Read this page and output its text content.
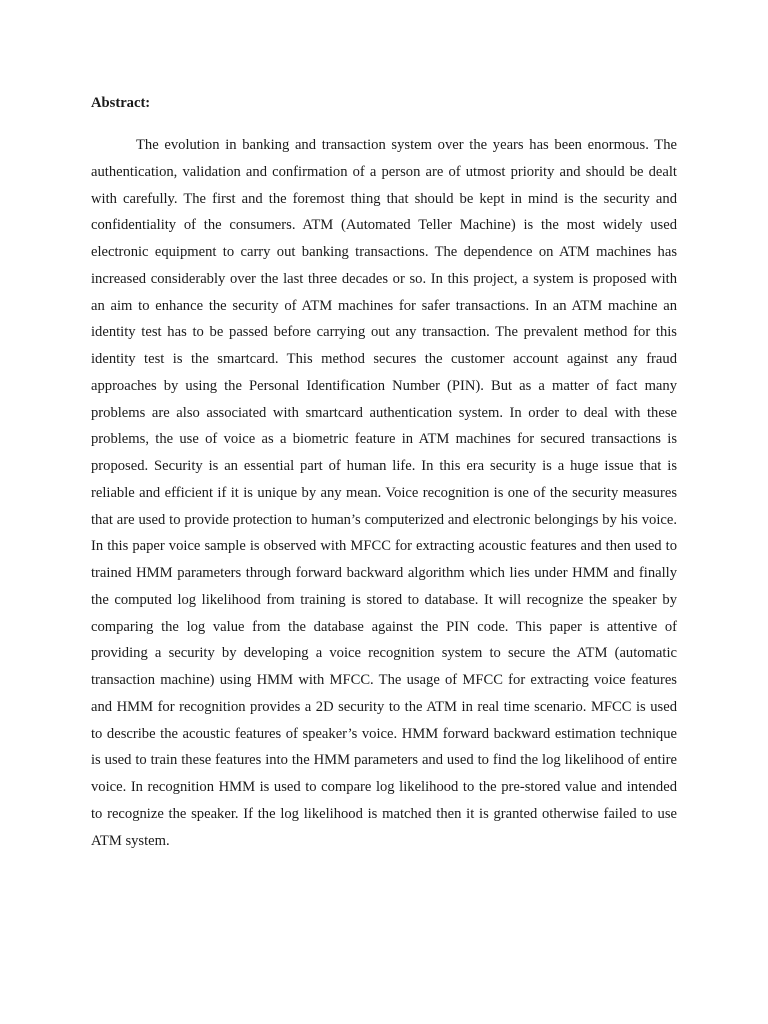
Abstract:

The evolution in banking and transaction system over the years has been enormous. The authentication, validation and confirmation of a person are of utmost priority and should be dealt with carefully. The first and the foremost thing that should be kept in mind is the security and confidentiality of the consumers. ATM (Automated Teller Machine) is the most widely used electronic equipment to carry out banking transactions. The dependence on ATM machines has increased considerably over the last three decades or so. In this project, a system is proposed with an aim to enhance the security of ATM machines for safer transactions. In an ATM machine an identity test has to be passed before carrying out any transaction. The prevalent method for this identity test is the smartcard. This method secures the customer account against any fraud approaches by using the Personal Identification Number (PIN). But as a matter of fact many problems are also associated with smartcard authentication system. In order to deal with these problems, the use of voice as a biometric feature in ATM machines for secured transactions is proposed. Security is an essential part of human life. In this era security is a huge issue that is reliable and efficient if it is unique by any mean. Voice recognition is one of the security measures that are used to provide protection to human’s computerized and electronic belongings by his voice. In this paper voice sample is observed with MFCC for extracting acoustic features and then used to trained HMM parameters through forward backward algorithm which lies under HMM and finally the computed log likelihood from training is stored to database. It will recognize the speaker by comparing the log value from the database against the PIN code. This paper is attentive of providing a security by developing a voice recognition system to secure the ATM (automatic transaction machine) using HMM with MFCC. The usage of MFCC for extracting voice features and HMM for recognition provides a 2D security to the ATM in real time scenario. MFCC is used to describe the acoustic features of speaker’s voice. HMM forward backward estimation technique is used to train these features into the HMM parameters and used to find the log likelihood of entire voice. In recognition HMM is used to compare log likelihood to the pre-stored value and intended to recognize the speaker. If the log likelihood is matched then it is granted otherwise failed to use ATM system.
